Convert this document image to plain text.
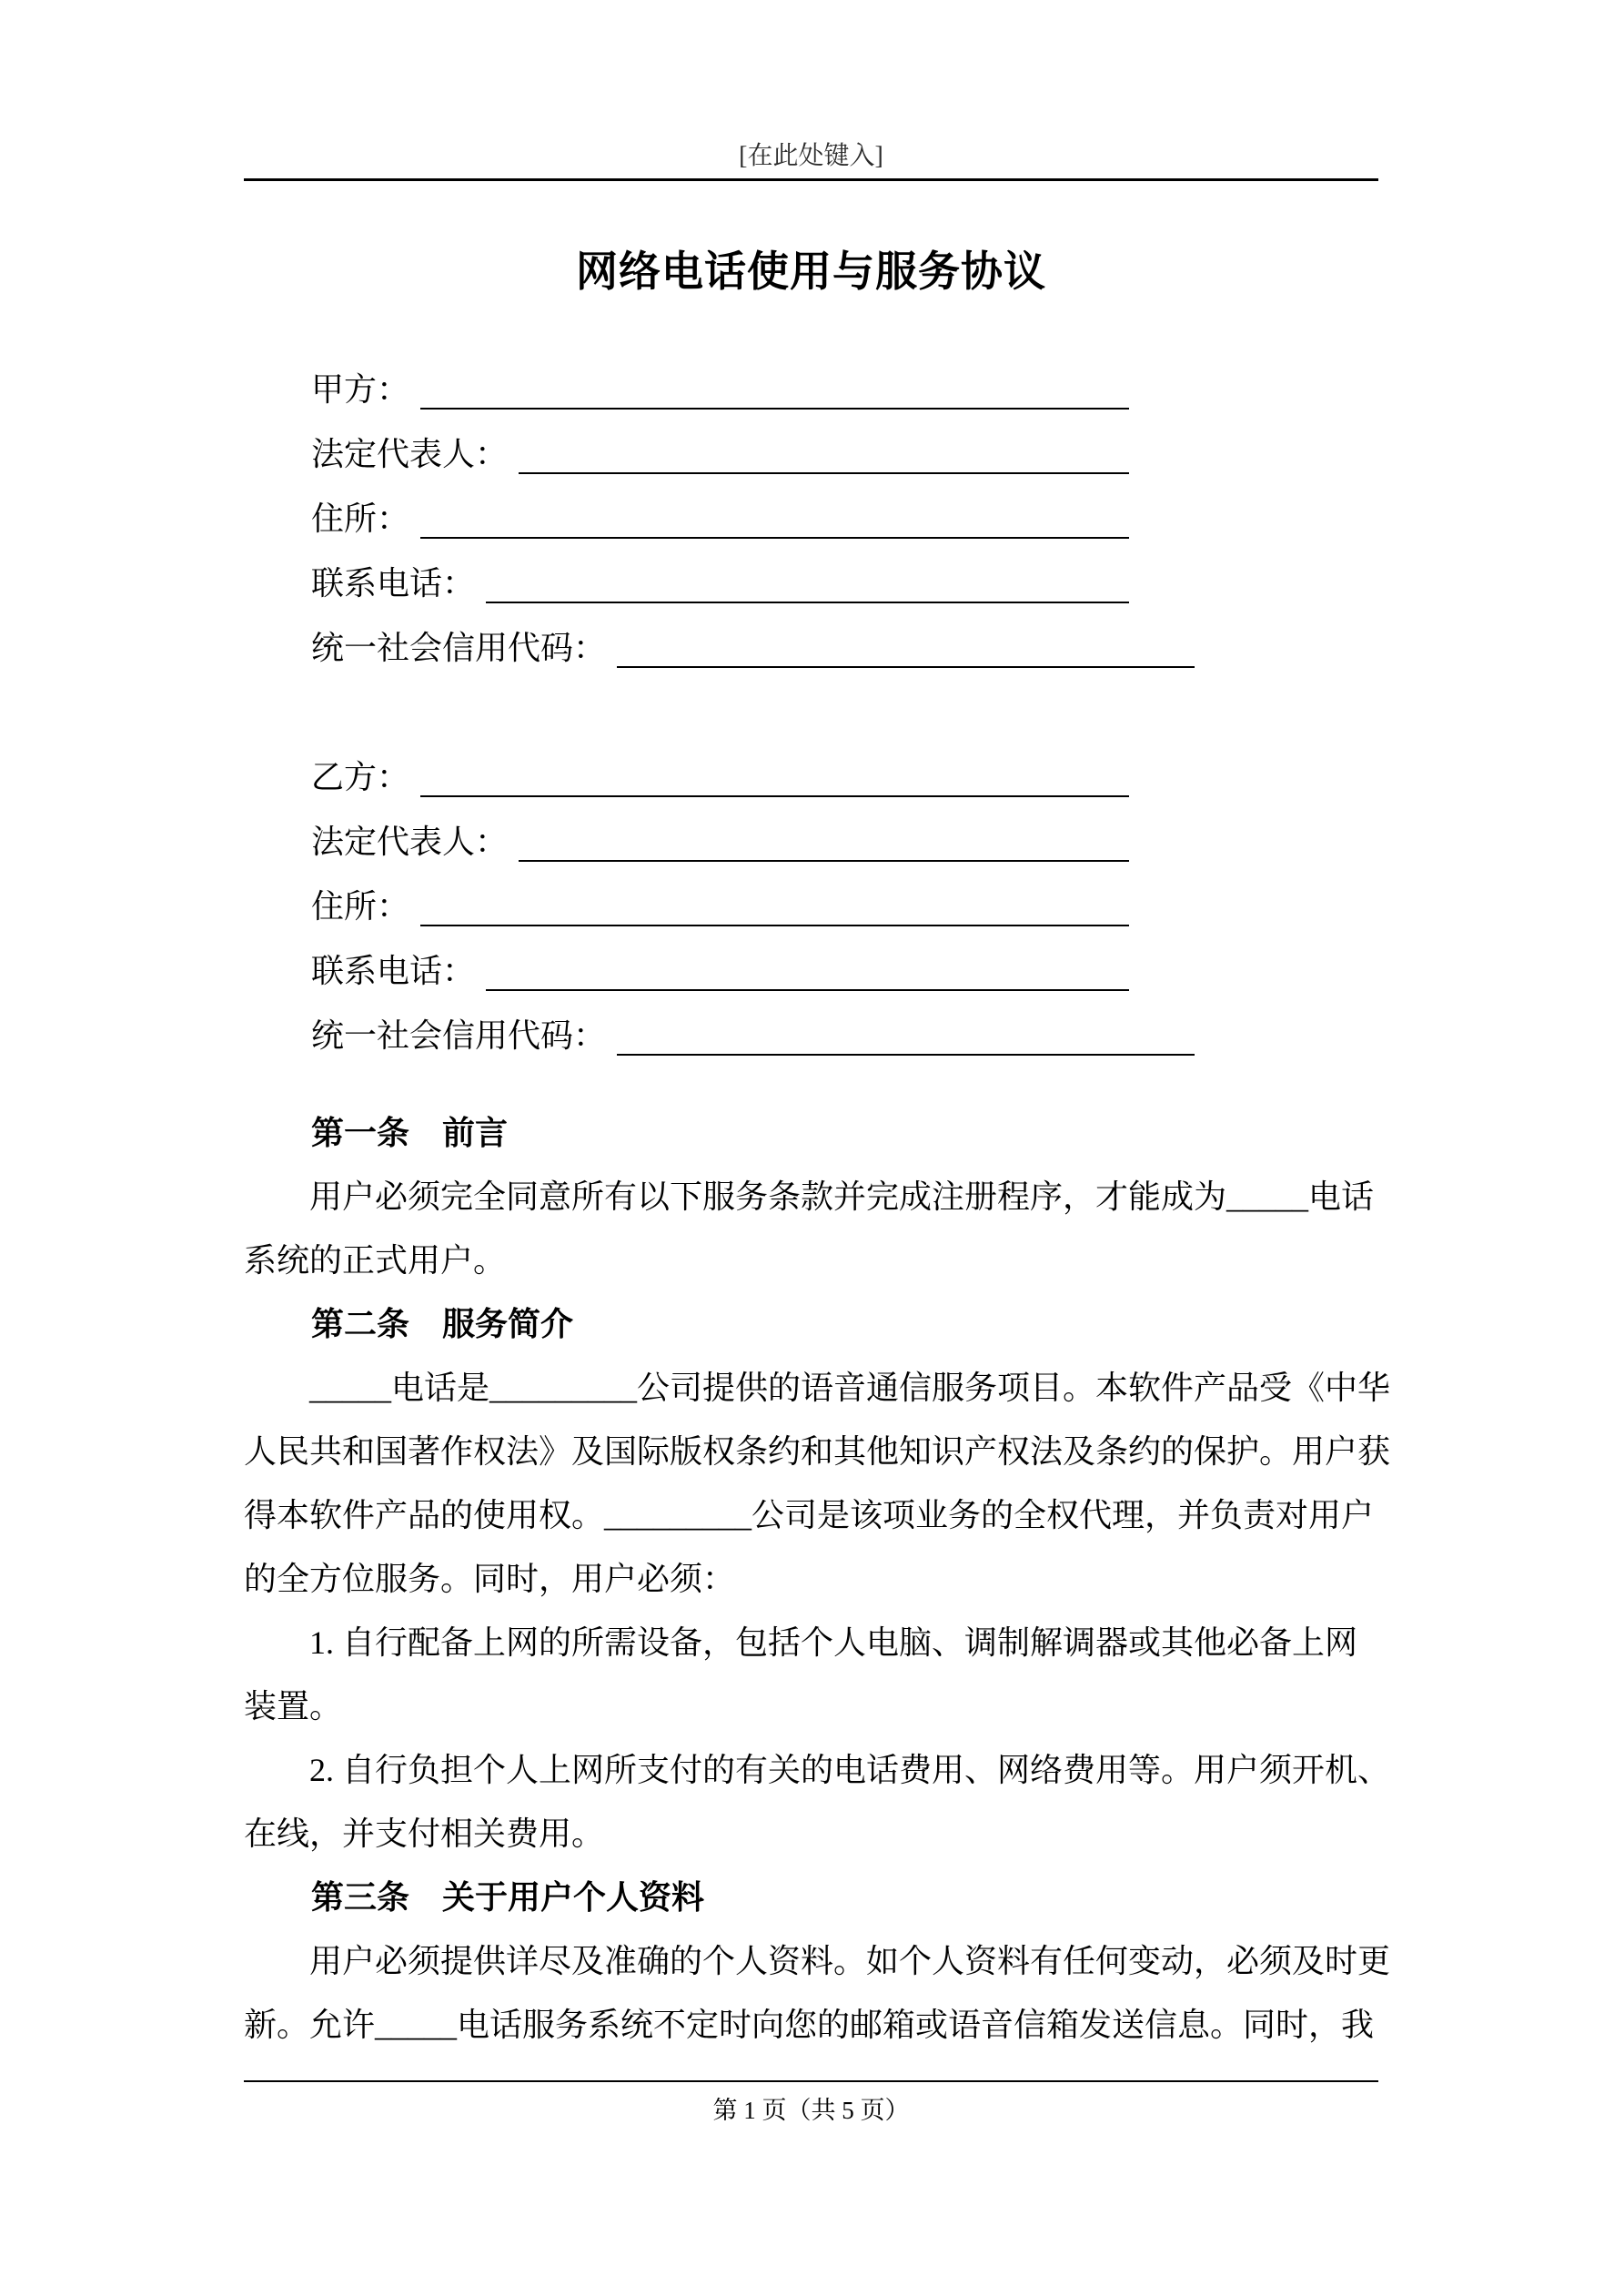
[在此处键入]
网络电话使用与服务协议
甲方：
法定代表人：
住所：
联系电话：
统一社会信用代码：
乙方：
法定代表人：
住所：
联系电话：
统一社会信用代码：
第一条　前言
用户必须完全同意所有以下服务条款并完成注册程序，才能成为_____电话
系统的正式用户。
第二条　服务简介
_____电话是_________公司提供的语音通信服务项目。本软件产品受《中华
人民共和国著作权法》及国际版权条约和其他知识产权法及条约的保护。用户获
得本软件产品的使用权。_________公司是该项业务的全权代理，并负责对用户
的全方位服务。同时，用户必须：
1. 自行配备上网的所需设备，包括个人电脑、调制解调器或其他必备上网
装置。
2. 自行负担个人上网所支付的有关的电话费用、网络费用等。用户须开机、
在线，并支付相关费用。
第三条　关于用户个人资料
用户必须提供详尽及准确的个人资料。如个人资料有任何变动，必须及时更
新。允许_____电话服务系统不定时向您的邮箱或语音信箱发送信息。同时，我
第 1 页（共 5 页）
